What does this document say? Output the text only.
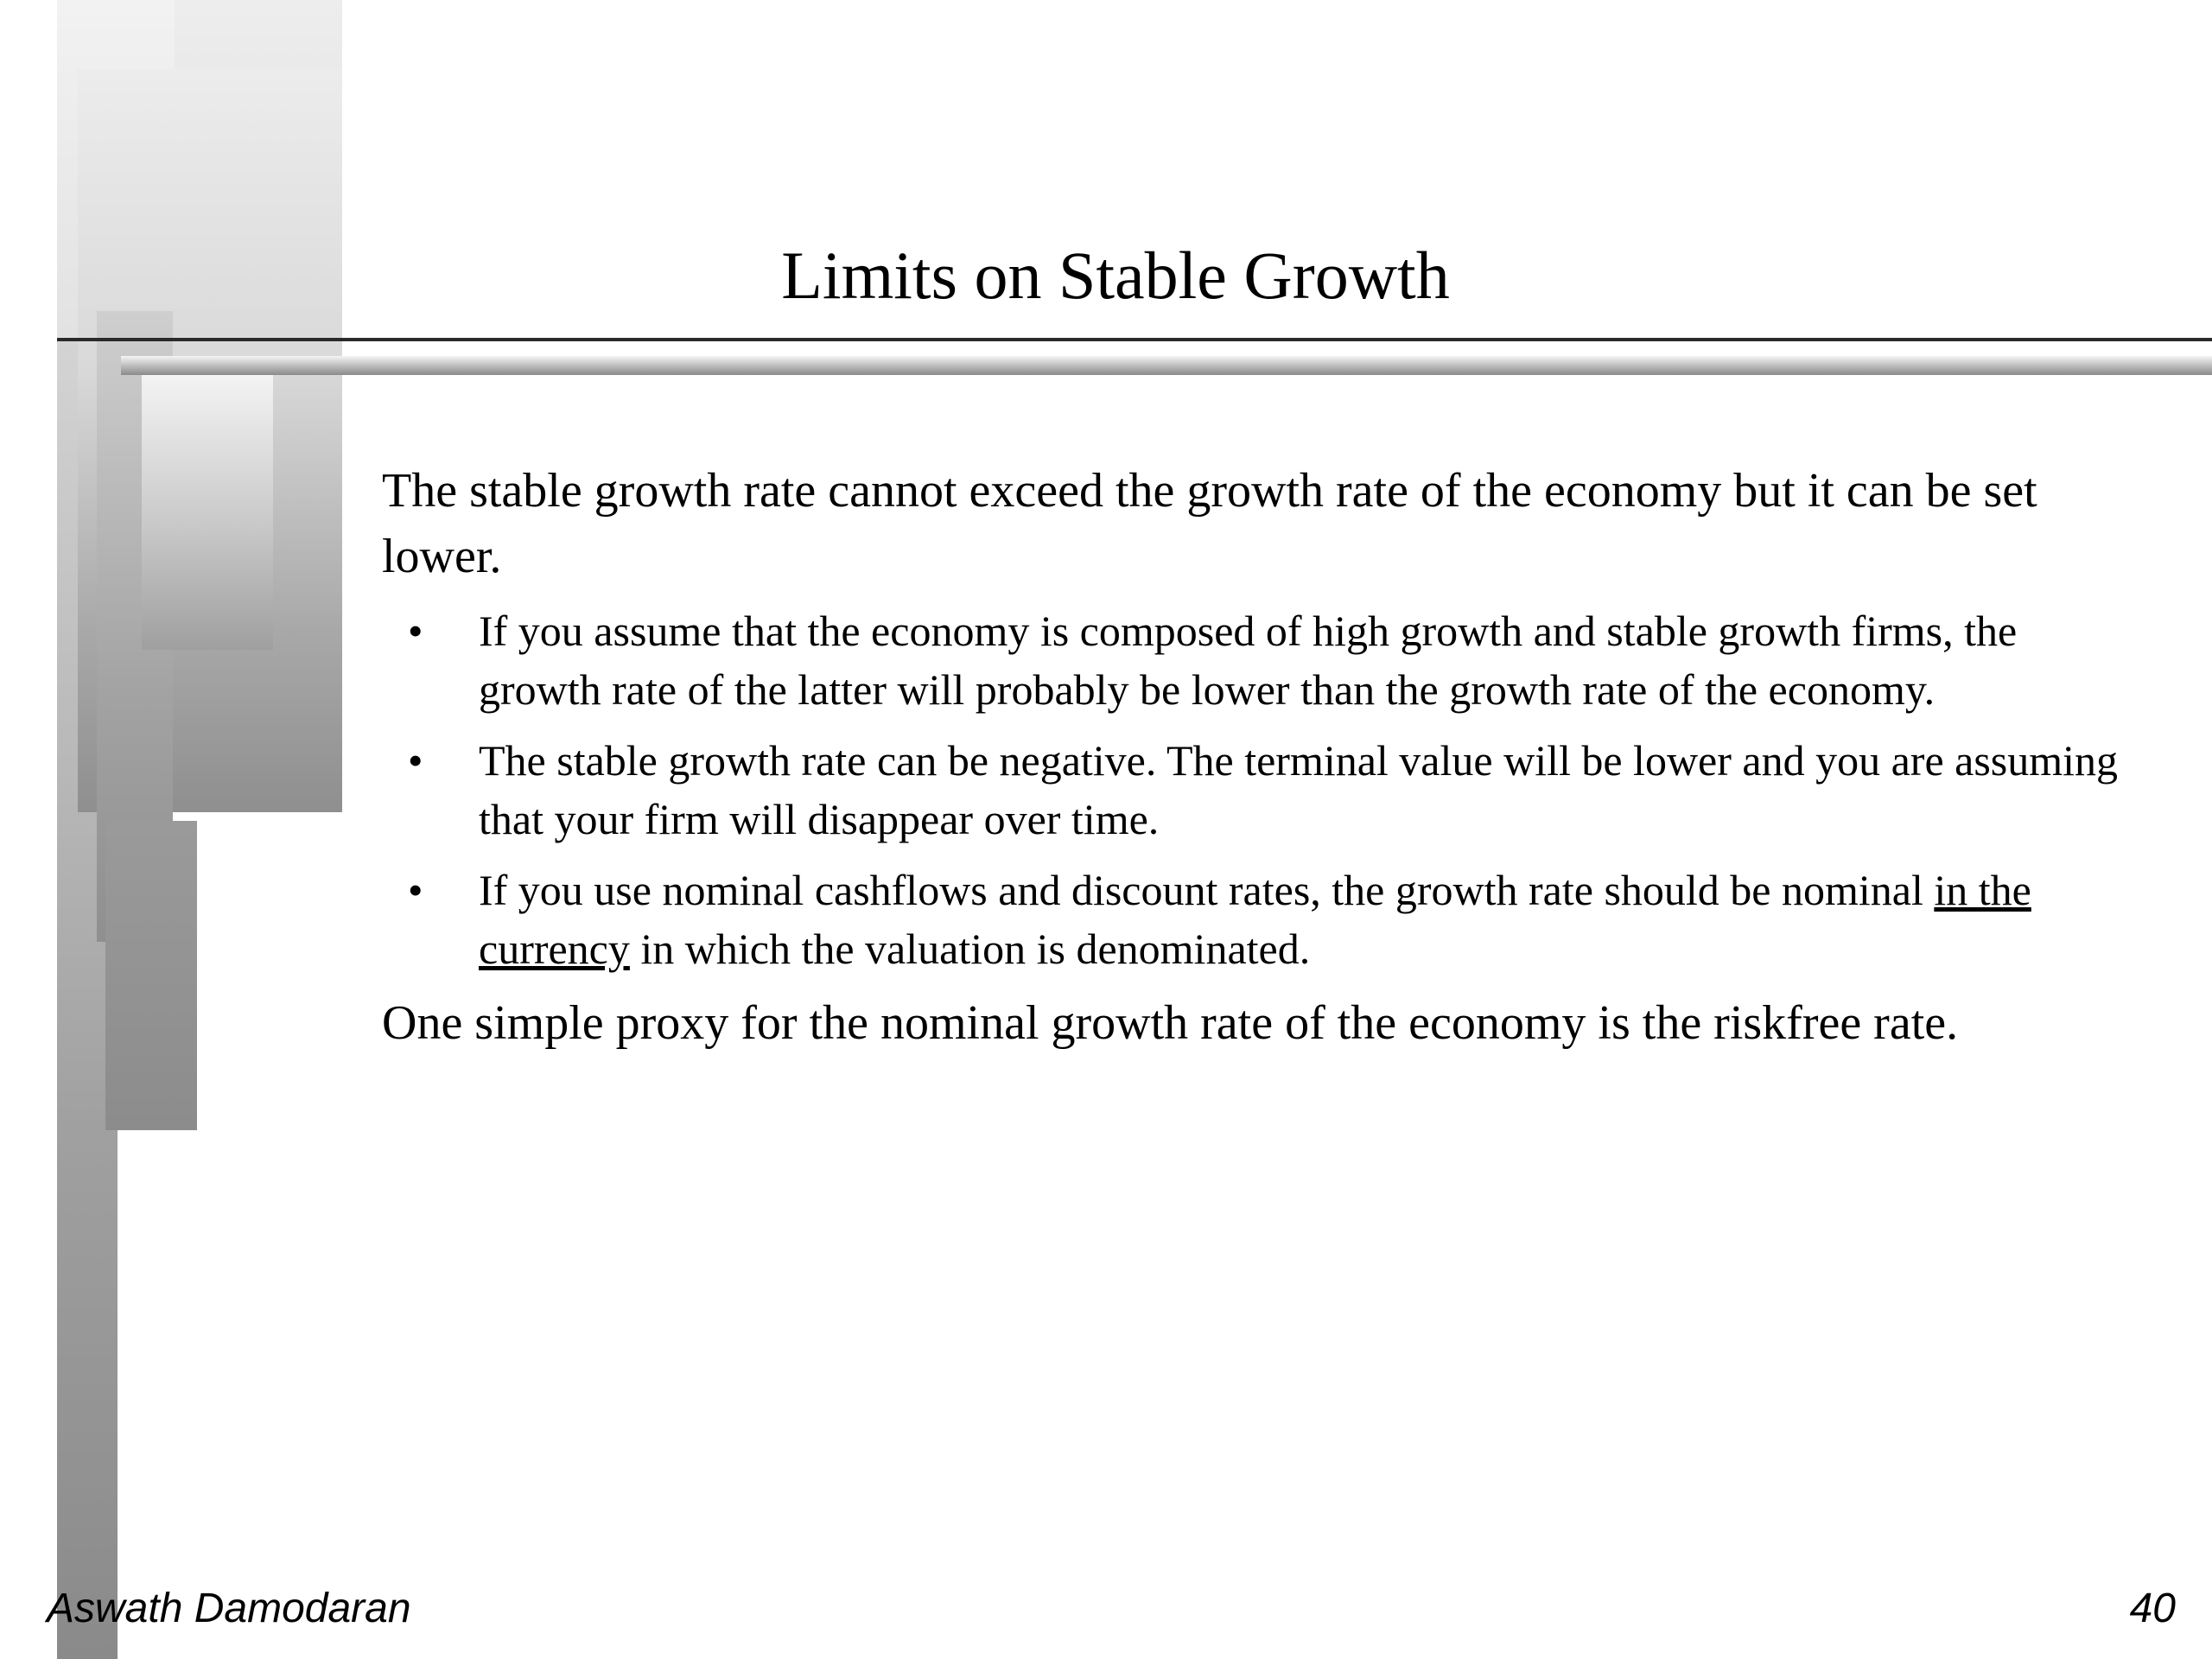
Limits on Stable Growth

The stable growth rate cannot exceed the growth rate of the economy but it can be set lower.

• If you assume that the economy is composed of high growth and stable growth firms, the growth rate of the latter will probably be lower than the growth rate of the economy.
• The stable growth rate can be negative. The terminal value will be lower and you are assuming that your firm will disappear over time.
• If you use nominal cashflows and discount rates, the growth rate should be nominal in the currency in which the valuation is denominated.

One simple proxy for the nominal growth rate of the economy is the riskfree rate.

Aswath Damodaran	40
